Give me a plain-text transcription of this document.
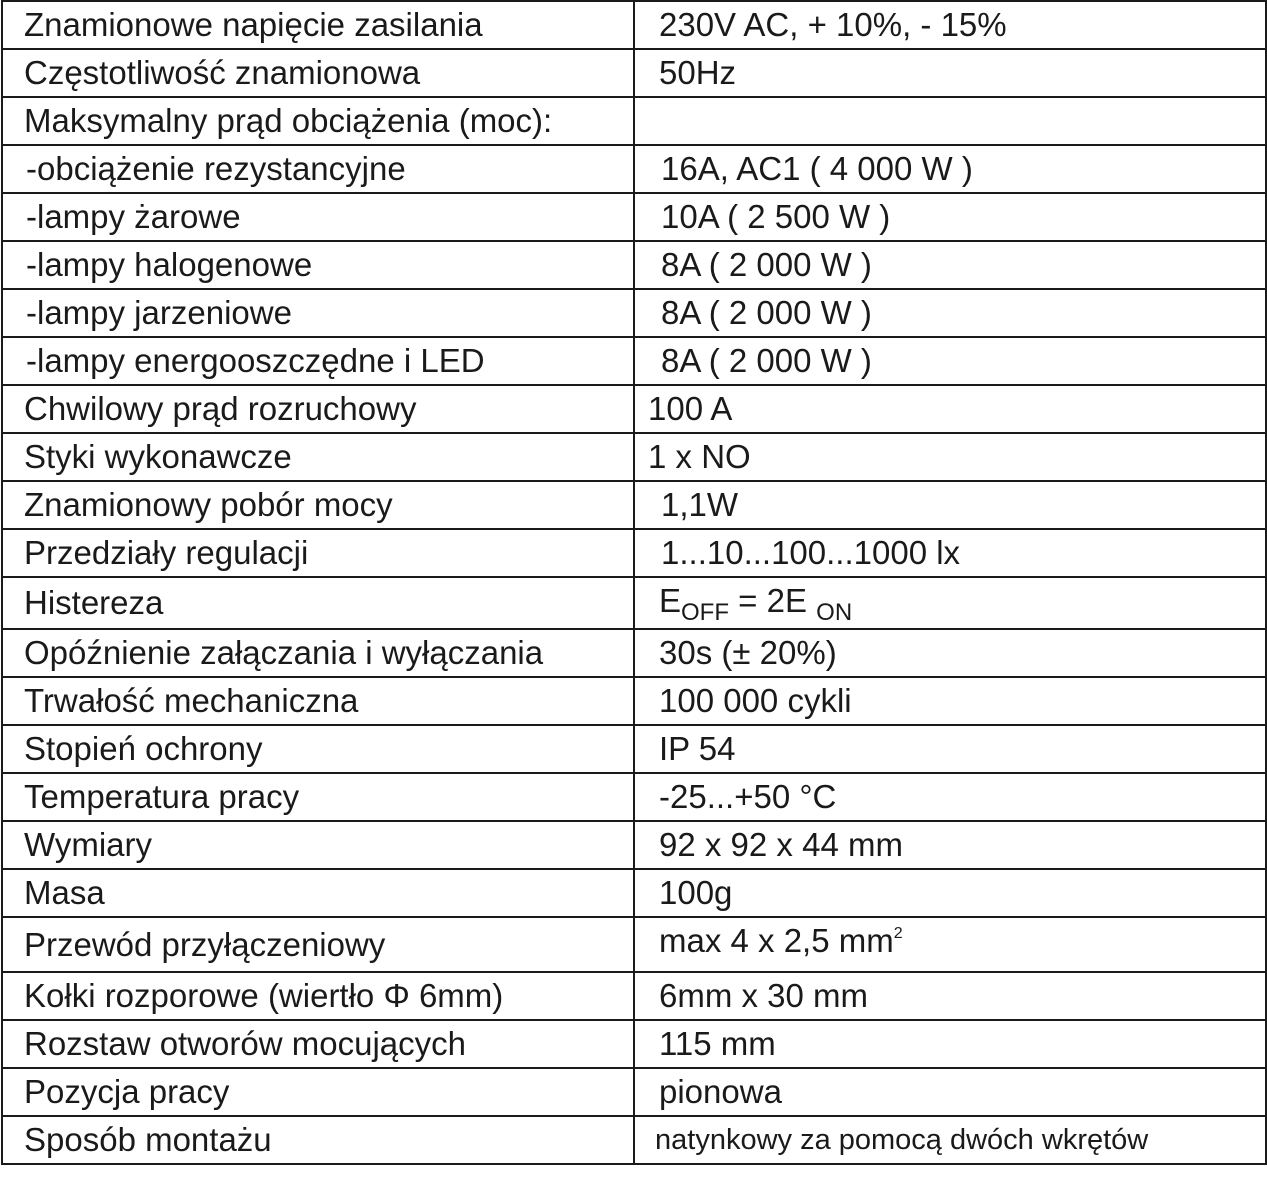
Znamionowe napięcie zasilania	230V AC, + 10%, - 15%
Częstotliwość znamionowa	50Hz
Maksymalny prąd obciążenia (moc):	
-obciążenie rezystancyjne	16A, AC1 ( 4 000 W )
-lampy żarowe	10A ( 2 500 W )
-lampy halogenowe	8A ( 2 000 W )
-lampy jarzeniowe	8A ( 2 000 W )
-lampy energooszczędne i LED	8A ( 2 000 W )
Chwilowy prąd rozruchowy	100 A
Styki wykonawcze	1 x NO
Znamionowy pobór mocy	1,1W
Przedziały regulacji	1...10...100...1000 lx
Histereza	$E_{OFF} = 2E$ $_{ON}$
Opóźnienie załączania i wyłączania	30s (± 20%)
Trwałość mechaniczna	100 000 cykli
Stopień ochrony	IP 54
Temperatura pracy	-25...+50 °C
Wymiary	92 x 92 x 44 mm
Masa	100g
Przewód przyłączeniowy	max 4 x 2,5 $mm^2$
Kołki rozporowe (wiertło Φ 6mm)	6mm x 30 mm
Rozstaw otworów mocujących	115 mm
Pozycja pracy	pionowa
Sposób montażu	natynkowy za pomocą dwóch wkrętów
